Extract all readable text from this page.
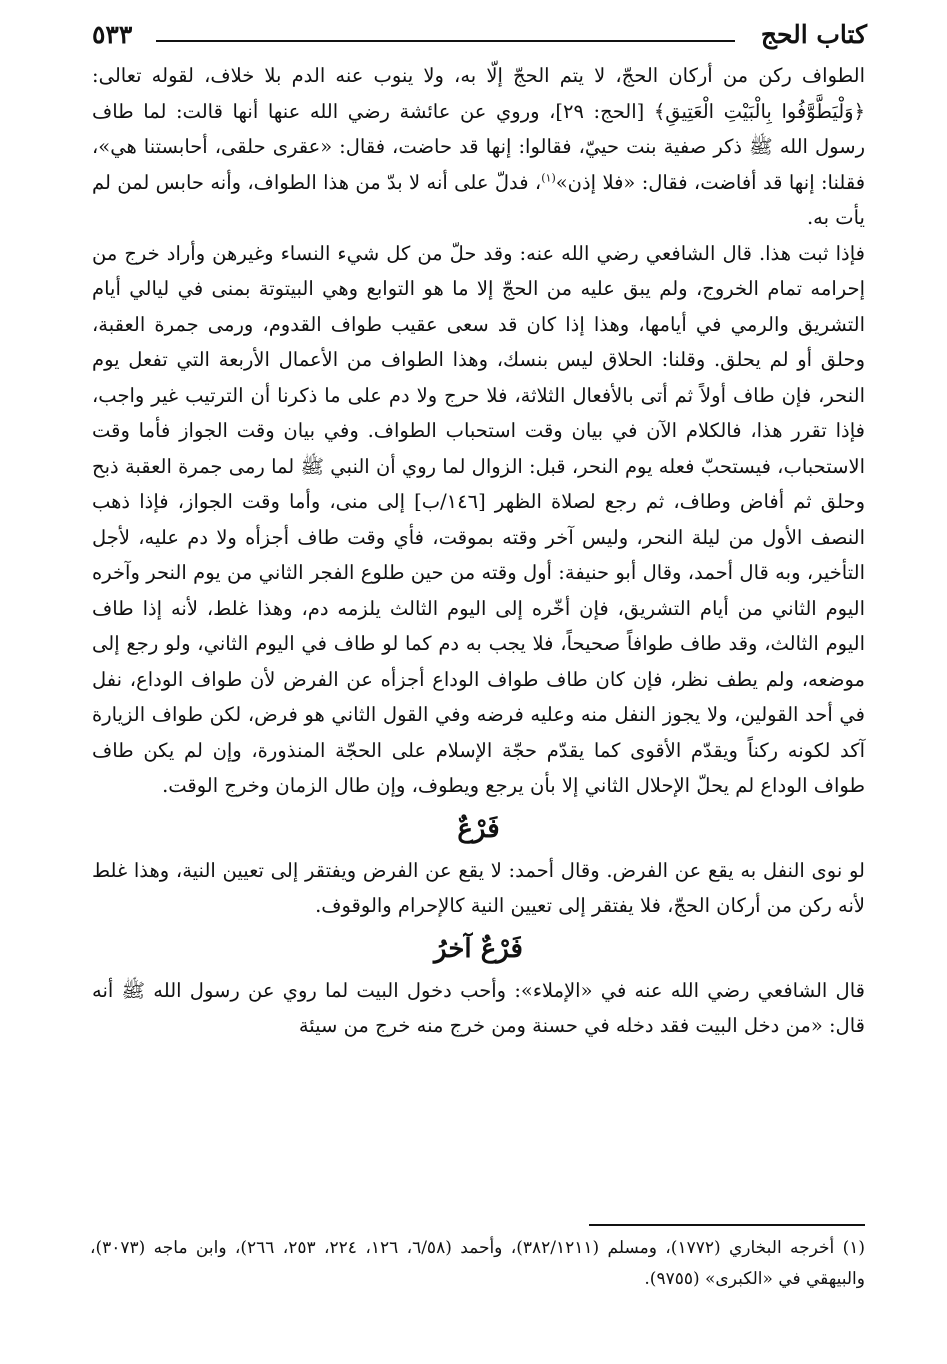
كتاب الحج
٥٣٣

الطواف ركن من أركان الحجّ، لا يتم الحجّ إلّا به، ولا ينوب عنه الدم بلا خلاف، لقوله تعالى: ﴿وَلْيَطَّوَّفُوا بِالْبَيْتِ الْعَتِيقِ﴾ [الحج: ٢٩]، وروي عن عائشة رضي الله عنها أنها قالت: لما طاف رسول الله ﷺ ذكر صفية بنت حييّ، فقالوا: إنها قد حاضت، فقال: «عقرى حلقى، أحابستنا هي»، فقلنا: إنها قد أفاضت، فقال: «فلا إذن»$^{(١)}$، فدلّ على أنه لا بدّ من هذا الطواف، وأنه حابس لمن لم يأت به.

فإذا ثبت هذا. قال الشافعي رضي الله عنه: وقد حلّ من كل شيء النساء وغيرهن وأراد خرج من إحرامه تمام الخروج، ولم يبق عليه من الحجّ إلا ما هو التوابع وهي البيتوتة بمنى في ليالي أيام التشريق والرمي في أيامها، وهذا إذا كان قد سعى عقيب طواف القدوم، ورمى جمرة العقبة، وحلق أو لم يحلق. وقلنا: الحلاق ليس بنسك، وهذا الطواف من الأعمال الأربعة التي تفعل يوم النحر، فإن طاف أولاً ثم أتى بالأفعال الثلاثة، فلا حرج ولا دم على ما ذكرنا أن الترتيب غير واجب، فإذا تقرر هذا، فالكلام الآن في بيان وقت استحباب الطواف. وفي بيان وقت الجواز فأما وقت الاستحباب، فيستحبّ فعله يوم النحر، قبل: الزوال لما روي أن النبي ﷺ لما رمى جمرة العقبة ذبح وحلق ثم أفاض وطاف، ثم رجع لصلاة الظهر [١٤٦/ب] إلى منى، وأما وقت الجواز، فإذا ذهب النصف الأول من ليلة النحر، وليس آخر وقته بموقت، فأي وقت طاف أجزأه ولا دم عليه، لأجل التأخير، وبه قال أحمد، وقال أبو حنيفة: أول وقته من حين طلوع الفجر الثاني من يوم النحر وآخره اليوم الثاني من أيام التشريق، فإن أخّره إلى اليوم الثالث يلزمه دم، وهذا غلط، لأنه إذا طاف اليوم الثالث، وقد طاف طوافاً صحيحاً، فلا يجب به دم كما لو طاف في اليوم الثاني، ولو رجع إلى موضعه، ولم يطف نظر، فإن كان طاف طواف الوداع أجزأه عن الفرض لأن طواف الوداع، نفل في أحد القولين، ولا يجوز النفل منه وعليه فرضه وفي القول الثاني هو فرض، لكن طواف الزيارة آكد لكونه ركناً ويقدّم الأقوى كما يقدّم حجّة الإسلام على الحجّة المنذورة، وإن لم يكن طاف طواف الوداع لم يحلّ الإحلال الثاني إلا بأن يرجع ويطوف، وإن طال الزمان وخرج الوقت.

فَرْعٌ

لو نوى النفل به يقع عن الفرض. وقال أحمد: لا يقع عن الفرض ويفتقر إلى تعيين النية، وهذا غلط لأنه ركن من أركان الحجّ، فلا يفتقر إلى تعيين النية كالإحرام والوقوف.

فَرْعٌ آخرُ

قال الشافعي رضي الله عنه في «الإملاء»: وأحب دخول البيت لما روي عن رسول الله ﷺ أنه قال: «من دخل البيت فقد دخله في حسنة ومن خرج منه خرج من سيئة

(١) أخرجه البخاري (١٧٧٢)، ومسلم (٣٨٢/١٢١١)، وأحمد (٦/٥٨، ١٢٦، ٢٢٤، ٢٥٣، ٢٦٦)، وابن ماجه (٣٠٧٣)، والبيهقي في «الكبرى» (٩٧٥٥).
